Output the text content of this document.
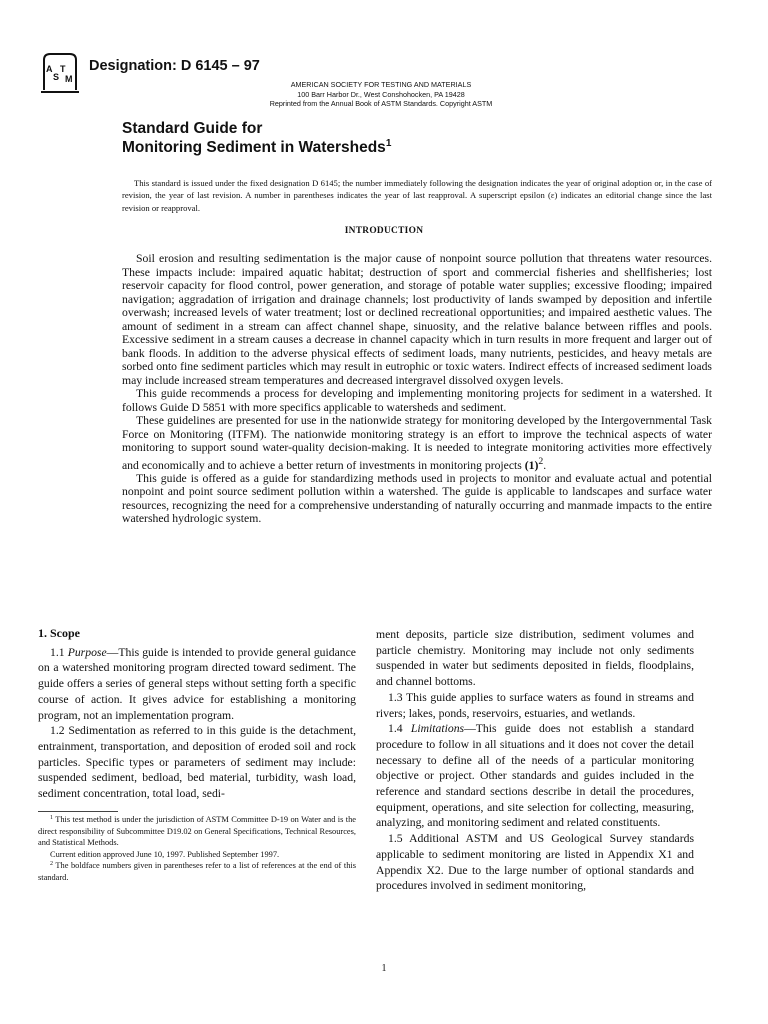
A
S
T
M
Designation: D 6145 – 97
AMERICAN SOCIETY FOR TESTING AND MATERIALS
100 Barr Harbor Dr., West Conshohocken, PA 19428
Reprinted from the Annual Book of ASTM Standards. Copyright ASTM
Standard Guide for
Monitoring Sediment in Watersheds$^1$
This standard is issued under the fixed designation D 6145; the number immediately following the designation indicates the year of original adoption or, in the case of revision, the year of last revision. A number in parentheses indicates the year of last reapproval. A superscript epsilon (ε) indicates an editorial change since the last revision or reapproval.
INTRODUCTION

Soil erosion and resulting sedimentation is the major cause of nonpoint source pollution that threatens water resources. These impacts include: impaired aquatic habitat; destruction of sport and commercial fisheries and shellfisheries; lost reservoir capacity for flood control, power generation, and storage of potable water supplies; excessive flooding; impaired navigation; aggradation of irrigation and drainage channels; lost productivity of lands swamped by deposition and infertile overwash; increased levels of water treatment; lost or declined recreational opportunities; and impaired aesthetic values. The amount of sediment in a stream can affect channel shape, sinuosity, and the relative balance between riffles and pools. Excessive sediment in a stream causes a decrease in channel capacity which in turn results in more frequent and larger out of bank floods. In addition to the adverse physical effects of sediment loads, many nutrients, pesticides, and heavy metals are sorbed onto fine sediment particles which may result in eutrophic or toxic waters. Indirect effects of increased sediment loads may include increased stream temperatures and decreased intergravel dissolved oxygen levels.

This guide recommends a process for developing and implementing monitoring projects for sediment in a watershed. It follows Guide D 5851 with more specifics applicable to watersheds and sediment.

These guidelines are presented for use in the nationwide strategy for monitoring developed by the Intergovernmental Task Force on Monitoring (ITFM). The nationwide monitoring strategy is an effort to improve the technical aspects of water monitoring to support sound water-quality decision-making. It is needed to integrate monitoring activities more effectively and economically and to achieve a better return of investments in monitoring projects $(1)^2$.

This guide is offered as a guide for standardizing methods used in projects to monitor and evaluate actual and potential nonpoint and point source sediment pollution within a watershed. The guide is applicable to landscapes and surface water resources, recognizing the need for a comprehensive understanding of naturally occurring and manmade impacts to the entire watershed hydrologic system.

1. Scope

1.1 Purpose—This guide is intended to provide general guidance on a watershed monitoring program directed toward sediment. The guide offers a series of general steps without setting forth a specific course of action. It gives advice for establishing a monitoring program, not an implementation program.

1.2 Sedimentation as referred to in this guide is the detachment, entrainment, transportation, and deposition of eroded soil and rock particles. Specific types or parameters of sediment may include: suspended sediment, bedload, bed material, turbidity, wash load, sediment concentration, total load, sedi-

ment deposits, particle size distribution, sediment volumes and particle chemistry. Monitoring may include not only sediments suspended in water but sediments deposited in fields, floodplains, and channel bottoms.

1.3 This guide applies to surface waters as found in streams and rivers; lakes, ponds, reservoirs, estuaries, and wetlands.

1.4 Limitations—This guide does not establish a standard procedure to follow in all situations and it does not cover the detail necessary to define all of the needs of a particular monitoring objective or project. Other standards and guides included in the reference and standard sections describe in detail the procedures, equipment, operations, and site selection for collecting, measuring, analyzing, and monitoring sediment and related constituents.

1.5 Additional ASTM and US Geological Survey standards applicable to sediment monitoring are listed in Appendix X1 and Appendix X2. Due to the large number of optional standards and procedures involved in sediment monitoring,

$^1$ This test method is under the jurisdiction of ASTM Committee D-19 on Water and is the direct responsibility of Subcommittee D19.02 on General Specifications, Technical Resources, and Statistical Methods.

Current edition approved June 10, 1997. Published September 1997.

$^2$ The boldface numbers given in parentheses refer to a list of references at the end of this standard.

1
